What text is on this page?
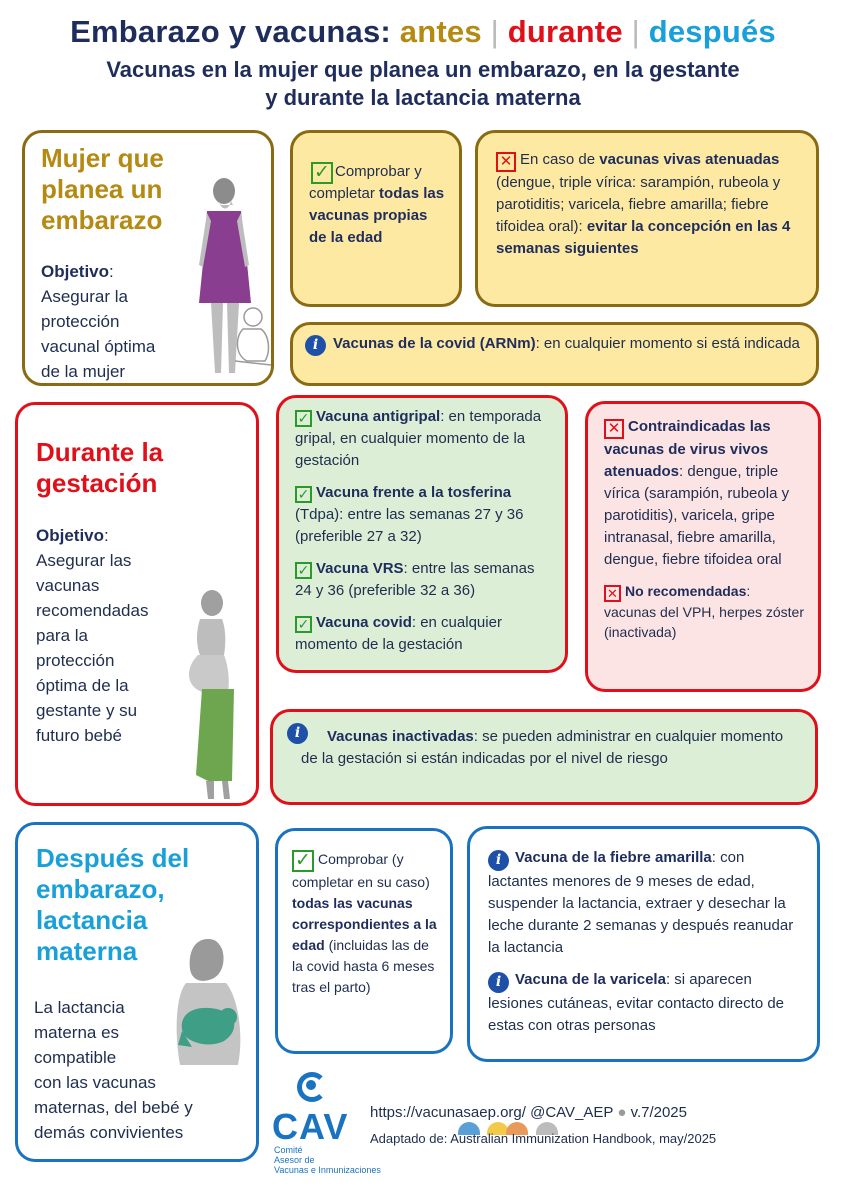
Embarazo y vacunas: antes | durante | después
Vacunas en la mujer que planea un embarazo, en la gestante
y durante la lactancia materna
Mujer que
planea un
embarazo
Objetivo:
Asegurar la
protección
vacunal óptima
de la mujer
✓ Comprobar y completar todas las vacunas propias de la edad
✕ En caso de vacunas vivas atenuadas (dengue, triple vírica: sarampión, rubeola y parotiditis; varicela, fiebre amarilla; fiebre tifoidea oral): evitar la concepción en las 4 semanas siguientes
i Vacunas de la covid (ARNm): en cualquier momento si está indicada
Durante la
gestación
Objetivo:
Asegurar las
vacunas
recomendadas
para la
protección
óptima de la
gestante y su
futuro bebé
✓ Vacuna antigripal: en temporada gripal, en cualquier momento de la gestación
✓ Vacuna frente a la tosferina (Tdpa): entre las semanas 27 y 36 (preferible 27 a 32)
✓ Vacuna VRS: entre las semanas 24 y 36 (preferible 32 a 36)
✓ Vacuna covid: en cualquier momento de la gestación
✕ Contraindicadas las vacunas de virus vivos atenuados: dengue, triple vírica (sarampión, rubeola y parotiditis), varicela, gripe intranasal, fiebre amarilla, dengue, fiebre tifoidea oral
✕ No recomendadas: vacunas del VPH, herpes zóster (inactivada)
i	Vacunas inactivadas: se pueden administrar en cualquier momento de la gestación si están indicadas por el nivel de riesgo
Después del
embarazo,
lactancia
materna
La lactancia
materna es
compatible
con las vacunas
maternas, del bebé y
demás convivientes
✓ Comprobar (y completar en su caso) todas las vacunas correspondientes a la edad (incluidas las de la covid hasta 6 meses tras el parto)
i Vacuna de la fiebre amarilla: con lactantes menores de 9 meses de edad, suspender la lactancia, extraer y desechar la leche durante 2 semanas y después reanudar la lactancia
i Vacuna de la varicela: si aparecen lesiones cutáneas, evitar contacto directo de estas con otras personas
CAV
Comité
Asesor de
Vacunas e Inmunizaciones
https://vacunasaep.org/ @CAV_AEP ● v.7/2025
Adaptado de: Australian Immunization Handbook, may/2025
